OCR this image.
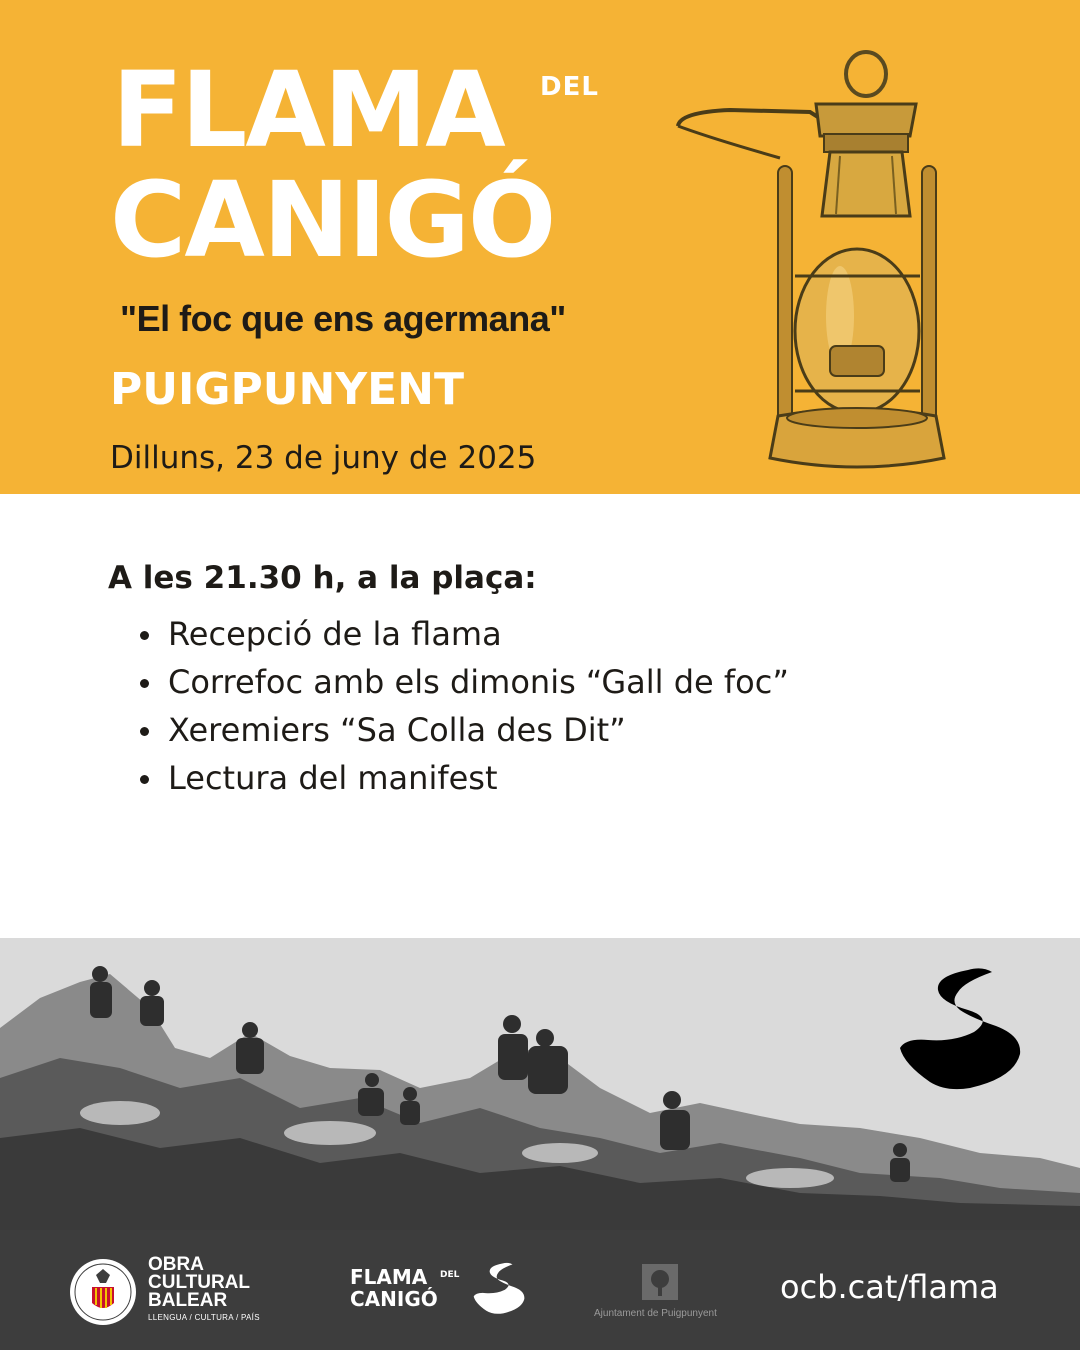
FLAMA DEL
CANIGÓ
"El foc que ens agermana"
PUIGPUNYENT
Dilluns, 23 de juny de 2025
A les 21.30 h, a la plaça:
Recepció de la flama
Correfoc amb els dimonis “Gall de foc”
Xeremiers “Sa Colla des Dit”
Lectura del manifest
OBRA
CULTURAL
BALEAR
LLENGUA / CULTURA / PAÍS
FLAMA	DEL
CANIGÓ
Ajuntament de Puigpunyent
ocb.cat/flama
